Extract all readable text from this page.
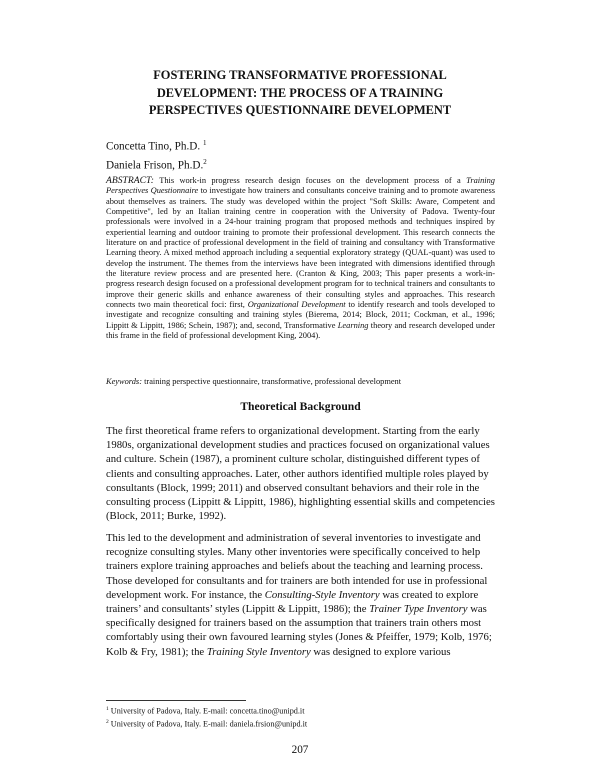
FOSTERING TRANSFORMATIVE PROFESSIONAL
DEVELOPMENT: THE PROCESS OF A TRAINING
PERSPECTIVES QUESTIONNAIRE DEVELOPMENT
Concetta Tino, Ph.D. $^1$
Daniela Frison, Ph.D.$^2$

ABSTRACT: This work-in progress research design focuses on the development process of a Training Perspectives Questionnaire to investigate how trainers and consultants conceive training and to promote awareness about themselves as trainers. The study was developed within the project "Soft Skills: Aware, Competent and Competitive", led by an Italian training centre in cooperation with the University of Padova. Twenty-four professionals were involved in a 24-hour training program that proposed methods and techniques inspired by experiential learning and outdoor training to promote their professional development. This research connects the literature on and practice of professional development in the field of training and consultancy with Transformative Learning theory. A mixed method approach including a sequential exploratory strategy (QUAL-quant) was used to develop the instrument. The themes from the interviews have been integrated with dimensions identified through the literature review process and are presented here. (Cranton & King, 2003; This paper presents a work-in-progress research design focused on a professional development program for to technical trainers and consultants to improve their generic skills and enhance awareness of their consulting styles and approaches. This research connects two main theoretical foci: first, Organizational Development to identify research and tools developed to investigate and recognize consulting and training styles (Bierema, 2014; Block, 2011; Cockman, et al., 1996; Lippitt & Lippitt, 1986; Schein, 1987); and, second, Transformative Learning theory and research developed under this frame in the field of professional development King, 2004).

Keywords: training perspective questionnaire, transformative, professional development

Theoretical Background

The first theoretical frame refers to organizational development. Starting from the early 1980s, organizational development studies and practices focused on organizational values and culture. Schein (1987), a prominent culture scholar, distinguished different types of clients and consulting approaches. Later, other authors identified multiple roles played by consultants (Block, 1999; 2011) and observed consultant behaviors and their role in the consulting process (Lippitt & Lippitt, 1986), highlighting essential skills and competencies (Block, 2011; Burke, 1992).

This led to the development and administration of several inventories to investigate and recognize consulting styles. Many other inventories were specifically conceived to help trainers explore training approaches and beliefs about the teaching and learning process. Those developed for consultants and for trainers are both intended for use in professional development work. For instance, the Consulting-Style Inventory was created to explore trainers’ and consultants’ styles (Lippitt & Lippitt, 1986); the Trainer Type Inventory was specifically designed for trainers based on the assumption that trainers train others most comfortably using their own favoured learning styles (Jones & Pfeiffer, 1979; Kolb, 1976; Kolb & Fry, 1981); the Training Style Inventory was designed to explore various

$^1$ University of Padova, Italy. E-mail: concetta.tino@unipd.it
$^2$ University of Padova, Italy. E-mail: daniela.frsion@unipd.it
207
